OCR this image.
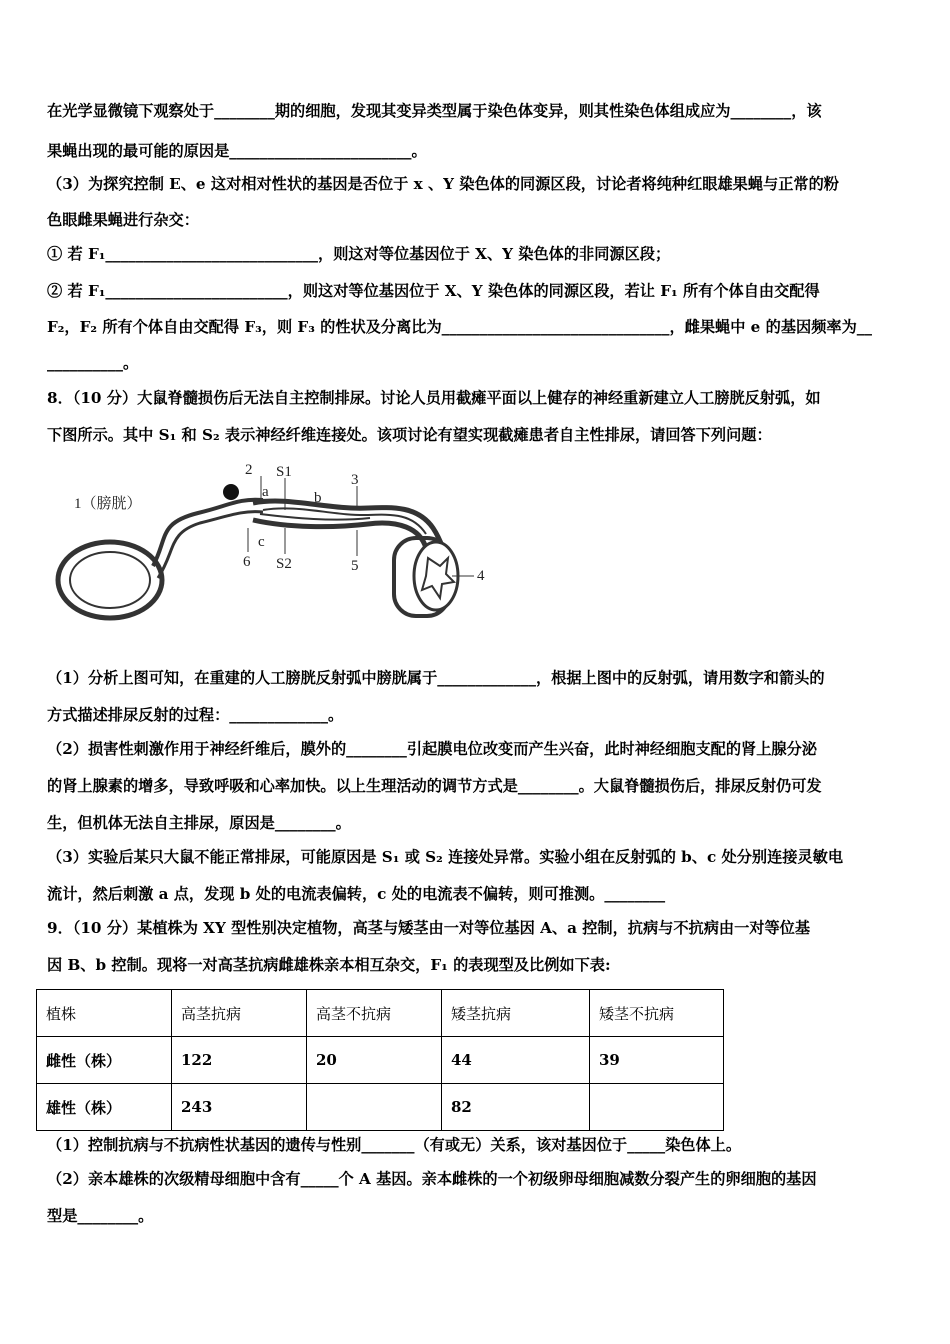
在光学显微镜下观察处于________期的细胞，发现其变异类型属于染色体变异，则其性染色体组成应为________，该
果蝇出现的最可能的原因是________________________。
（3）为探究控制 E、e 这对相对性状的基因是否位于 x 、Y 染色体的同源区段，讨论者将纯种红眼雄果蝇与正常的粉
色眼雌果蝇进行杂交：
① 若 F₁____________________________，则这对等位基因位于 X、Y 染色体的非同源区段；
② 若 F₁________________________，则这对等位基因位于 X、Y 染色体的同源区段，若让 F₁ 所有个体自由交配得
F₂，F₂ 所有个体自由交配得 F₃，则 F₃ 的性状及分离比为______________________________，雌果蝇中 e 的基因频率为__
__________。
8．（10 分）大鼠脊髓损伤后无法自主控制排尿。讨论人员用截瘫平面以上健存的神经重新建立人工膀胱反射弧，如
下图所示。其中 S₁ 和 S₂ 表示神经纤维连接处。该项讨论有望实现截瘫患者自主性排尿，请回答下列问题：
1（膀胱）
2 S1	3
a	b
c
6 S2	5
4
（1）分析上图可知，在重建的人工膀胱反射弧中膀胱属于_____________，根据上图中的反射弧，请用数字和箭头的
方式描述排尿反射的过程：_____________。
（2）损害性刺激作用于神经纤维后，膜外的________引起膜电位改变而产生兴奋，此时神经细胞支配的肾上腺分泌
的肾上腺素的增多，导致呼吸和心率加快。以上生理活动的调节方式是________。大鼠脊髓损伤后，排尿反射仍可发
生，但机体无法自主排尿，原因是________。
（3）实验后某只大鼠不能正常排尿，可能原因是 S₁ 或 S₂ 连接处异常。实验小组在反射弧的 b、c 处分别连接灵敏电
流计，然后刺激 a 点，发现 b 处的电流表偏转，c 处的电流表不偏转，则可推测。________
9．（10 分）某植株为 XY 型性别决定植物，高茎与矮茎由一对等位基因 A、a 控制，抗病与不抗病由一对等位基
因 B、b 控制。现将一对高茎抗病雌雄株亲本相互杂交，F₁ 的表现型及比例如下表:
植株	高茎抗病	高茎不抗病	矮茎抗病	矮茎不抗病
雌性（株）	122	20	44	39
雄性（株）	243		82	
（1）控制抗病与不抗病性状基因的遗传与性别_______（有或无）关系，该对基因位于_____染色体上。
（2）亲本雄株的次级精母细胞中含有_____个 A 基因。亲本雌株的一个初级卵母细胞减数分裂产生的卵细胞的基因
型是________。
